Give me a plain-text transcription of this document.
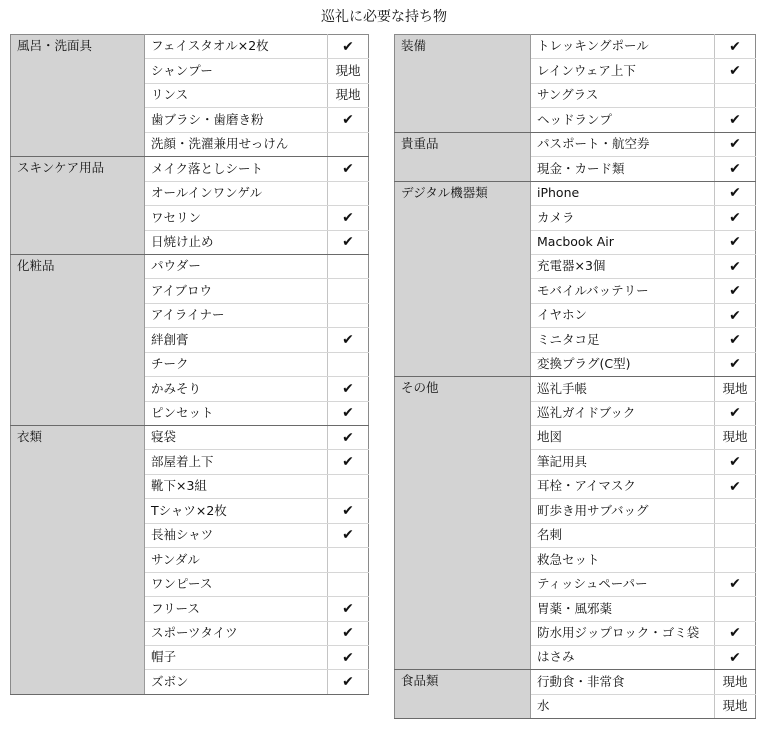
巡礼に必要な持ち物
風呂・洗面具	フェイスタオル×2枚	✔
	シャンプー	現地
	リンス	現地
	歯ブラシ・歯磨き粉	✔
	洗顔・洗濯兼用せっけん	
スキンケア用品	メイク落としシート	✔
	オールインワンゲル	
	ワセリン	✔
	日焼け止め	✔
化粧品	パウダー	
	アイブロウ	
	アイライナー	
	絆創膏	✔
	チーク	
	かみそり	✔
	ピンセット	✔
衣類	寝袋	✔
	部屋着上下	✔
	靴下×3組	
	Tシャツ×2枚	✔
	長袖シャツ	✔
	サンダル	
	ワンピース	
	フリース	✔
	スポーツタイツ	✔
	帽子	✔
	ズボン	✔
装備	トレッキングポール	✔
	レインウェア上下	✔
	サングラス	
	ヘッドランプ	✔
貴重品	パスポート・航空券	✔
	現金・カード類	✔
デジタル機器類	iPhone	✔
	カメラ	✔
	Macbook Air	✔
	充電器×3個	✔
	モバイルバッテリー	✔
	イヤホン	✔
	ミニタコ足	✔
	変換プラグ(C型)	✔
その他	巡礼手帳	現地
	巡礼ガイドブック	✔
	地図	現地
	筆記用具	✔
	耳栓・アイマスク	✔
	町歩き用サブバッグ	
	名刺	
	救急セット	
	ティッシュペーパー	✔
	胃薬・風邪薬	
	防水用ジップロック・ゴミ袋	✔
	はさみ	✔
食品類	行動食・非常食	現地
	水	現地
